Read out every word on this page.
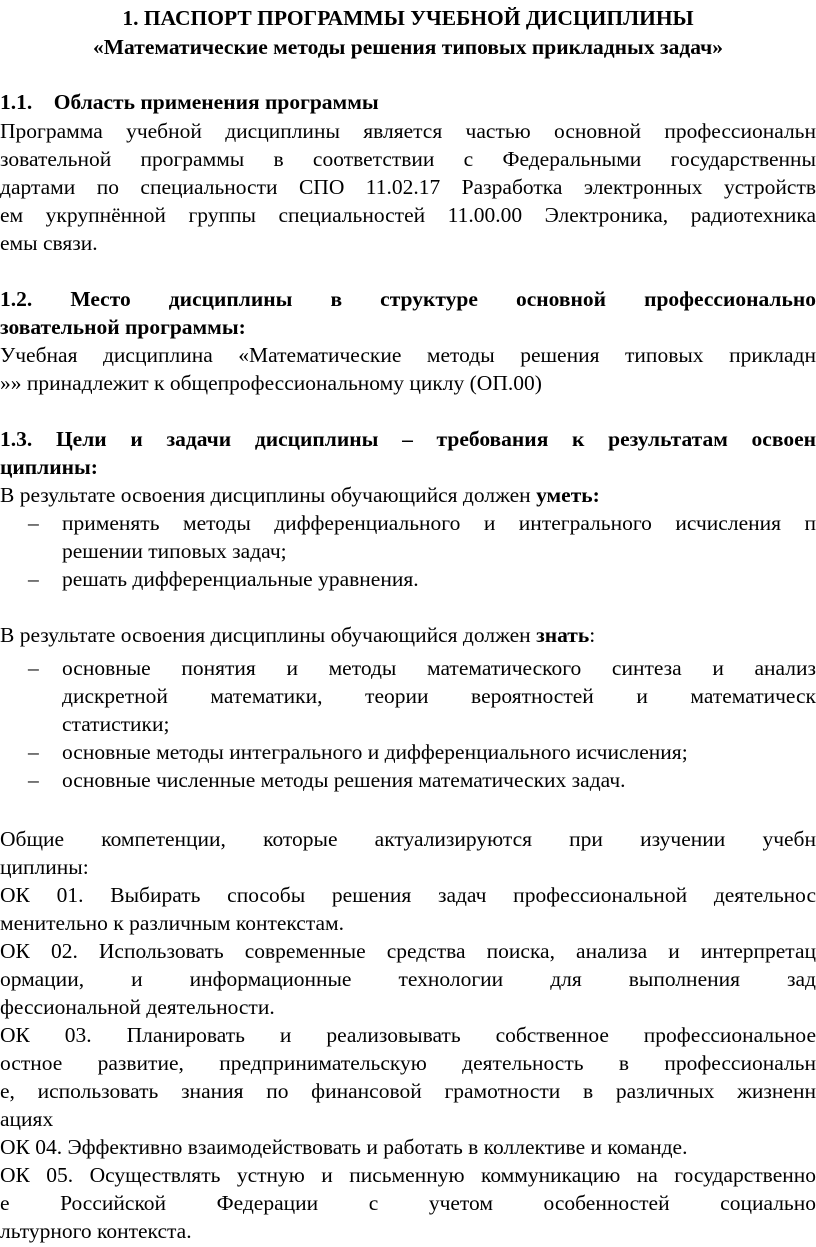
1. ПАСПОРТ ПРОГРАММЫ УЧЕБНОЙ ДИСЦИПЛИНЫ
«Математические методы решения типовых прикладных задач»
1.1.    Область применения программы
Программа учебной дисциплины является частью основной профессиональн
зовательной программы в соответствии с Федеральными государственны
дартами по специальности СПО 11.02.17 Разработка электронных устройств
ем укрупнённой группы специальностей 11.00.00 Электроника, радиотехника
емы связи.
1.2. Место дисциплины в структуре основной профессионально
зовательной программы:
Учебная дисциплина «Математические методы решения типовых прикладн
»» принадлежит к общепрофессиональному циклу (ОП.00)
1.3. Цели и задачи дисциплины – требования к результатам освоен
циплины:
В результате освоения дисциплины обучающийся должен уметь:
– применять методы дифференциального и интегрального исчисления п
решении типовых задач;
– решать дифференциальные уравнения.
В результате освоения дисциплины обучающийся должен знать:
– основные понятия и методы математического синтеза и анализ
дискретной математики, теории вероятностей и математическ
статистики;
– основные методы интегрального и дифференциального исчисления;
– основные численные методы решения математических задач.
Общие компетенции, которые актуализируются при изучении учебн
циплины:
ОК 01. Выбирать способы решения задач профессиональной деятельнос
менительно к различным контекстам.
ОК 02. Использовать современные средства поиска, анализа и интерпретац
ормации, и информационные технологии для выполнения зад
фессиональной деятельности.
ОК 03. Планировать и реализовывать собственное профессиональное
остное развитие, предпринимательскую деятельность в профессиональн
е, использовать знания по финансовой грамотности в различных жизненн
ациях
ОК 04. Эффективно взаимодействовать и работать в коллективе и команде.
ОК 05. Осуществлять устную и письменную коммуникацию на государственно
е Российской Федерации с учетом особенностей социально
льтурного контекста.
